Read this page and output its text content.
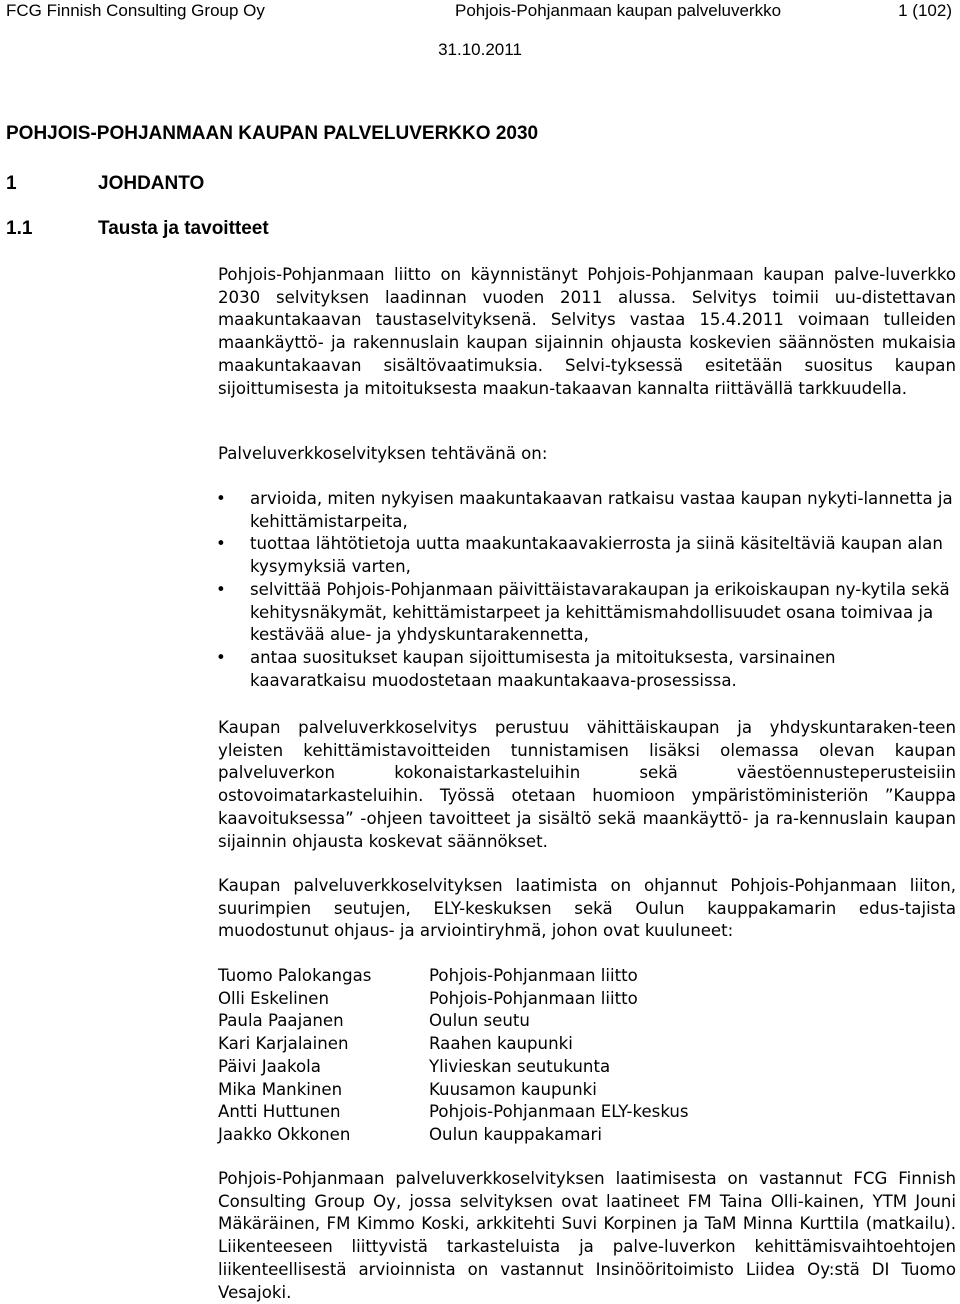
FCG Finnish Consulting Group Oy	Pohjois-Pohjanmaan kaupan palveluverkko	1 (102)
31.10.2011
POHJOIS-POHJANMAAN KAUPAN PALVELUVERKKO 2030
1	JOHDANTO
1.1	Tausta ja tavoitteet

Pohjois-Pohjanmaan liitto on käynnistänyt Pohjois-Pohjanmaan kaupan palve-luverkko 2030 selvityksen laadinnan vuoden 2011 alussa. Selvitys toimii uu-distettavan maakuntakaavan taustaselvityksenä. Selvitys vastaa 15.4.2011 voimaan tulleiden maankäyttö- ja rakennuslain kaupan sijainnin ohjausta koskevien säännösten mukaisia maakuntakaavan sisältövaatimuksia. Selvi-tyksessä esitetään suositus kaupan sijoittumisesta ja mitoituksesta maakun-takaavan kannalta riittävällä tarkkuudella.

Palveluverkkoselvityksen tehtävänä on:

• arvioida, miten nykyisen maakuntakaavan ratkaisu vastaa kaupan nykyti-lannetta ja kehittämistarpeita,
• tuottaa lähtötietoja uutta maakuntakaavakierrosta ja siinä käsiteltäviä kaupan alan kysymyksiä varten,
• selvittää Pohjois-Pohjanmaan päivittäistavarakaupan ja erikoiskaupan ny-kytila sekä kehitysnäkymät, kehittämistarpeet ja kehittämismahdollisuudet osana toimivaa ja kestävää alue- ja yhdyskuntarakennetta,
• antaa suositukset kaupan sijoittumisesta ja mitoituksesta, varsinainen kaavaratkaisu muodostetaan maakuntakaava-prosessissa.

Kaupan palveluverkkoselvitys perustuu vähittäiskaupan ja yhdyskuntaraken-teen yleisten kehittämistavoitteiden tunnistamisen lisäksi olemassa olevan kaupan palveluverkon kokonaistarkasteluihin sekä väestöennusteperusteisiin ostovoimatarkasteluihin. Työssä otetaan huomioon ympäristöministeriön ”Kauppa kaavoituksessa” -ohjeen tavoitteet ja sisältö sekä maankäyttö- ja ra-kennuslain kaupan sijainnin ohjausta koskevat säännökset.

Kaupan palveluverkkoselvityksen laatimista on ohjannut Pohjois-Pohjanmaan liiton, suurimpien seutujen, ELY-keskuksen sekä Oulun kauppakamarin edus-tajista muodostunut ohjaus- ja arviointiryhmä, johon ovat kuuluneet:

Tuomo Palokangas	Pohjois-Pohjanmaan liitto
Olli Eskelinen	Pohjois-Pohjanmaan liitto
Paula Paajanen	Oulun seutu
Kari Karjalainen	Raahen kaupunki
Päivi Jaakola	Ylivieskan seutukunta
Mika Mankinen	Kuusamon kaupunki
Antti Huttunen	Pohjois-Pohjanmaan ELY-keskus
Jaakko Okkonen	Oulun kauppakamari

Pohjois-Pohjanmaan palveluverkkoselvityksen laatimisesta on vastannut FCG Finnish Consulting Group Oy, jossa selvityksen ovat laatineet FM Taina Olli-kainen, YTM Jouni Mäkäräinen, FM Kimmo Koski, arkkitehti Suvi Korpinen ja TaM Minna Kurttila (matkailu). Liikenteeseen liittyvistä tarkasteluista ja palve-luverkon kehittämisvaihtoehtojen liikenteellisestä arvioinnista on vastannut Insinööritoimisto Liidea Oy:stä DI Tuomo Vesajoki.
